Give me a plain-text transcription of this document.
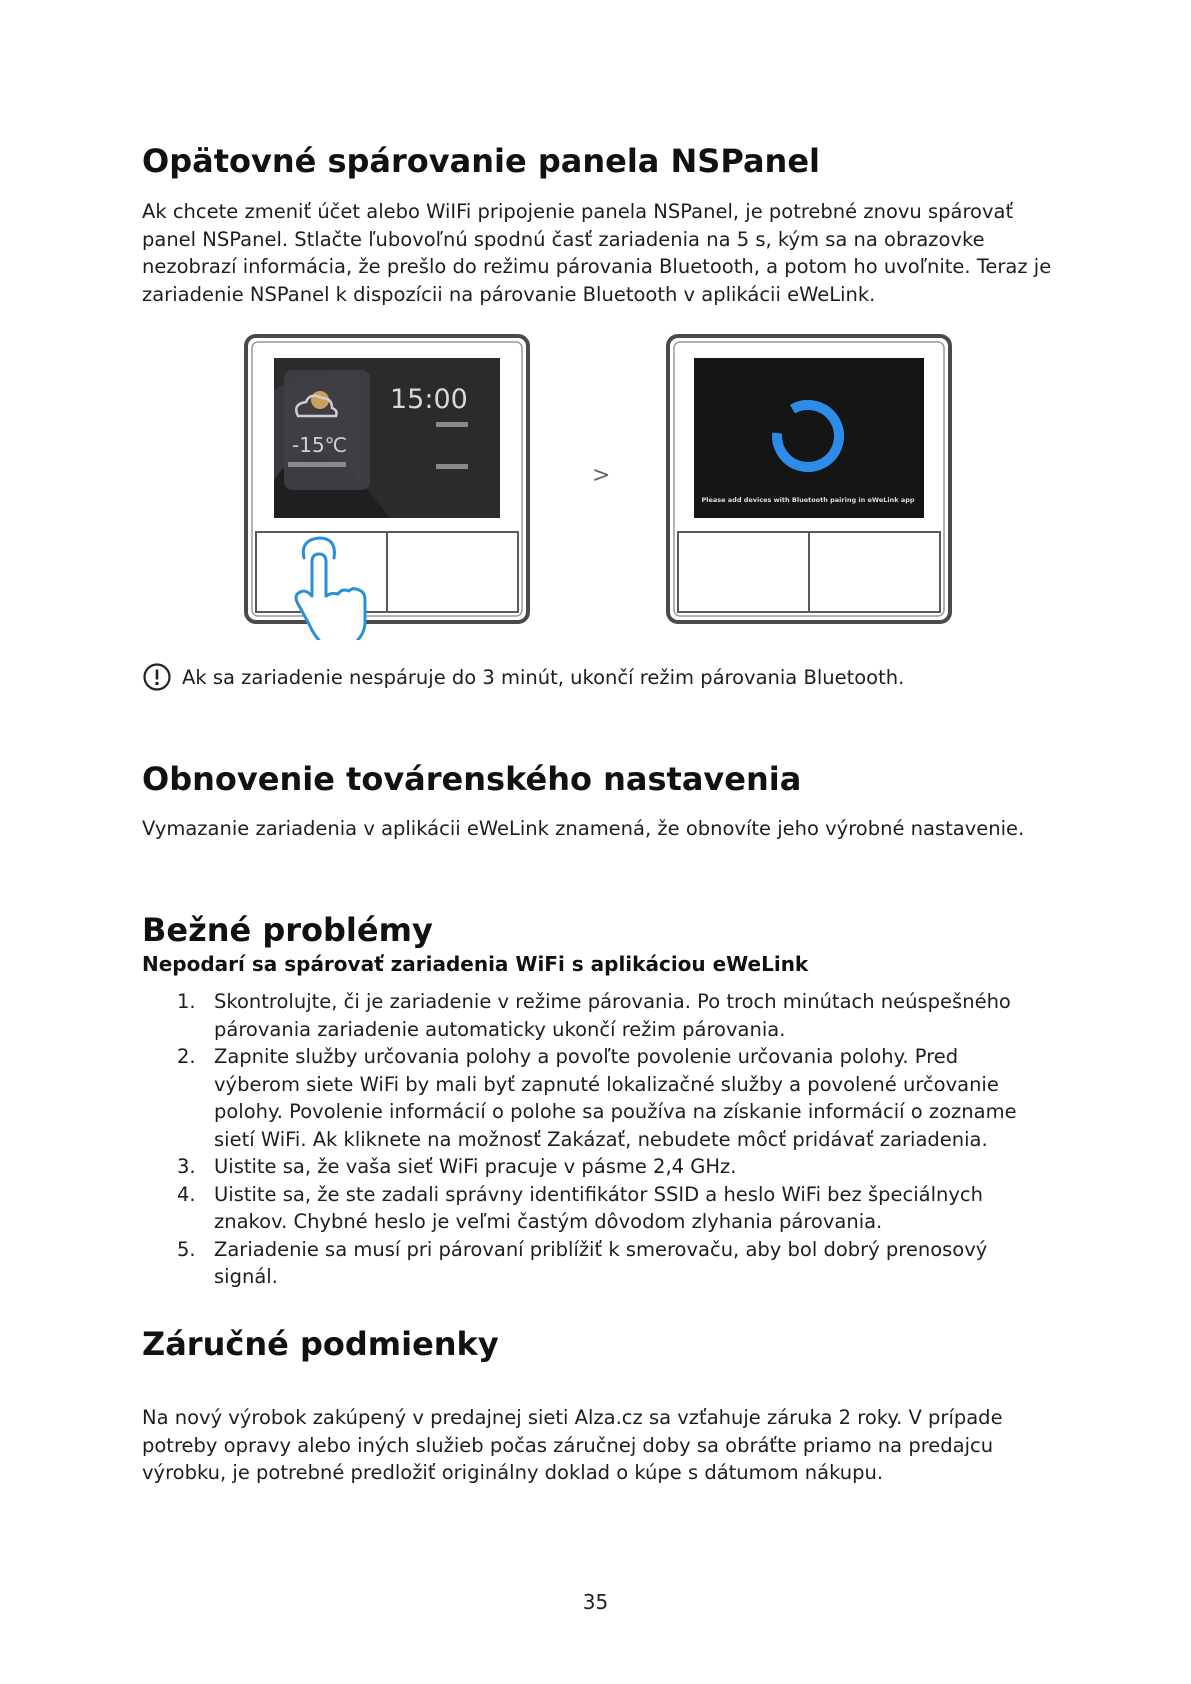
Opätovné spárovanie panela NSPanel

Ak chcete zmeniť účet alebo WiIFi pripojenie panela NSPanel, je potrebné znovu spárovať panel NSPanel. Stlačte ľubovoľnú spodnú časť zariadenia na 5 s, kým sa na obrazovke nezobrazí informácia, že prešlo do režimu párovania Bluetooth, a potom ho uvoľnite. Teraz je zariadenie NSPanel k dispozícii na párovanie Bluetooth v aplikácii eWeLink.

-15℃
15:00
>
Please add devices with Bluetooth pairing in eWeLink app
Ak sa zariadenie nespáruje do 3 minút, ukončí režim párovania Bluetooth.
Obnovenie továrenského nastavenia

Vymazanie zariadenia v aplikácii eWeLink znamená, že obnovíte jeho výrobné nastavenie.

Bežné problémy
Nepodarí sa spárovať zariadenia WiFi s aplikáciou eWeLink
1. Skontrolujte, či je zariadenie v režime párovania. Po troch minútach neúspešného párovania zariadenie automaticky ukončí režim párovania.
2. Zapnite služby určovania polohy a povoľte povolenie určovania polohy. Pred výberom siete WiFi by mali byť zapnuté lokalizačné služby a povolené určovanie polohy. Povolenie informácií o polohe sa používa na získanie informácií o zozname sietí WiFi. Ak kliknete na možnosť Zakázať, nebudete môcť pridávať zariadenia.
3. Uistite sa, že vaša sieť WiFi pracuje v pásme 2,4 GHz.
4. Uistite sa, že ste zadali správny identifikátor SSID a heslo WiFi bez špeciálnych znakov. Chybné heslo je veľmi častým dôvodom zlyhania párovania.
5. Zariadenie sa musí pri párovaní priblížiť k smerovaču, aby bol dobrý prenosový signál.
Záručné podmienky

Na nový výrobok zakúpený v predajnej sieti Alza.cz sa vzťahuje záruka 2 roky. V prípade potreby opravy alebo iných služieb počas záručnej doby sa obráťte priamo na predajcu výrobku, je potrebné predložiť originálny doklad o kúpe s dátumom nákupu.

35
